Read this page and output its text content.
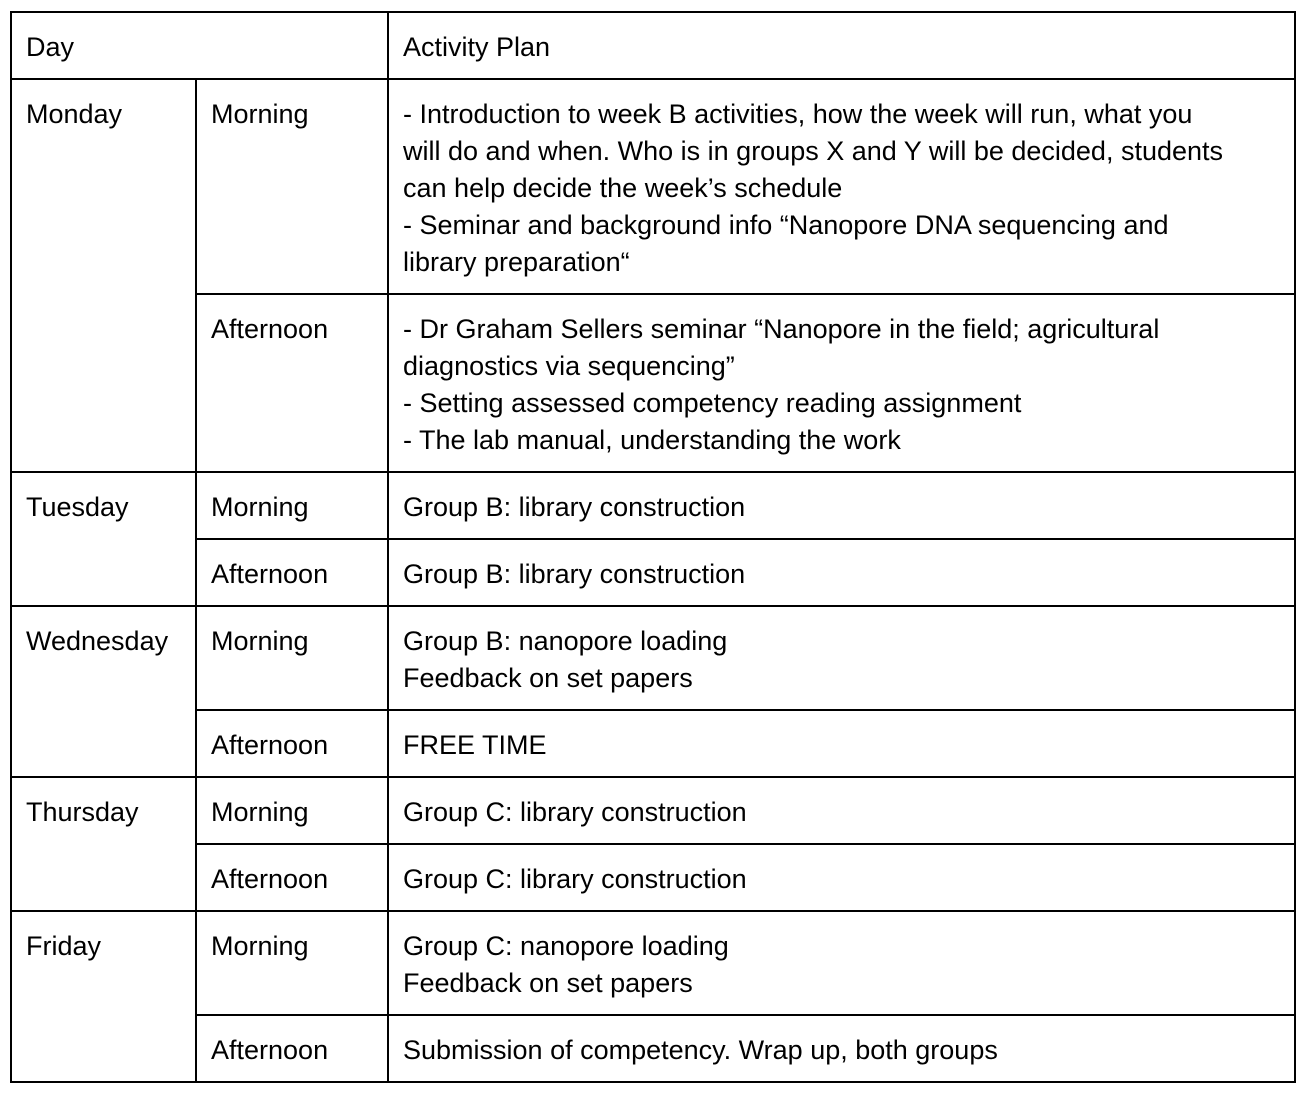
Day		Activity Plan
Monday	Morning	- Introduction to week B activities, how the week will run, what you
will do and when. Who is in groups X and Y will be decided, students
can help decide the week’s schedule
- Seminar and background info “Nanopore DNA sequencing and
library preparation“

	Afternoon	- Dr Graham Sellers seminar “Nanopore in the field; agricultural
diagnostics via sequencing”
- Setting assessed competency reading assignment
- The lab manual, understanding the work

Tuesday	Morning	Group B: library construction

	Afternoon	Group B: library construction

Wednesday	Morning	Group B: nanopore loading
Feedback on set papers

	Afternoon	FREE TIME

Thursday	Morning	Group C: library construction

	Afternoon	Group C: library construction

Friday	Morning	Group C: nanopore loading
Feedback on set papers

	Afternoon	Submission of competency. Wrap up, both groups
